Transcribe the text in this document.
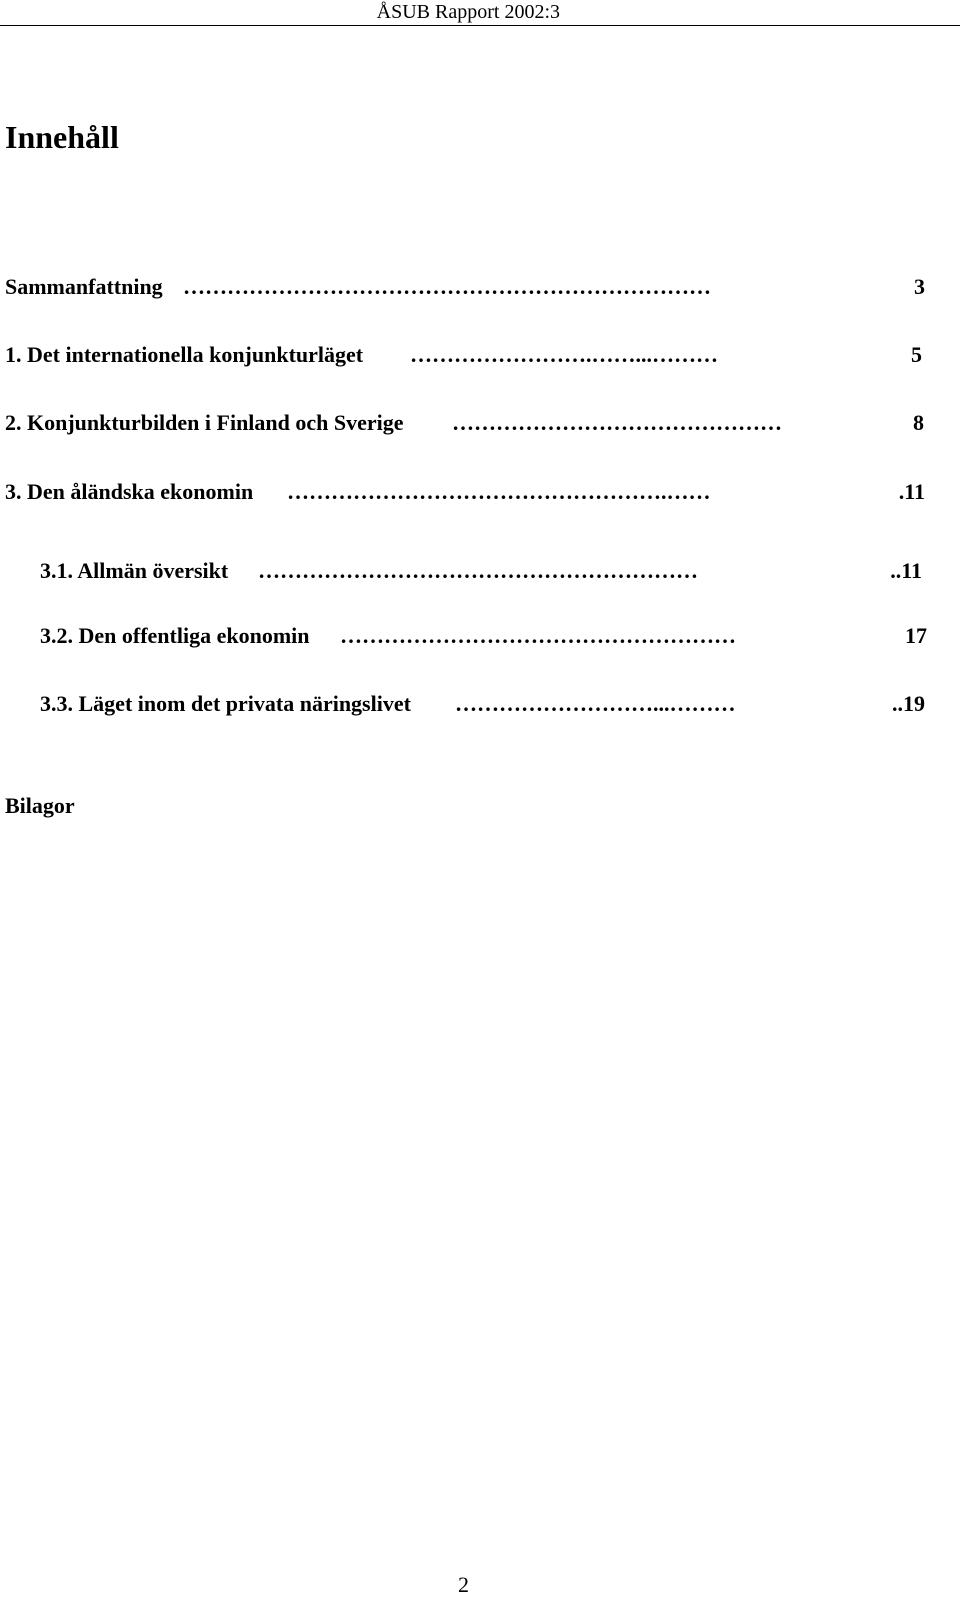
ÅSUB Rapport 2002:3
Innehåll
………………………………………………………………
Sammanfattning	3
…………………….……...………
1. Det internationella konjunkturläget	5
………………………………………
2. Konjunkturbilden i Finland och Sverige	8
…………………………………………….……
3. Den åländska ekonomin	.11
……………………………………………………
3.1. Allmän översikt	..11
………………………………………………
3.2. Den offentliga ekonomin	17
………………………...………
3.3. Läget inom det privata näringslivet	..19
Bilagor
2
